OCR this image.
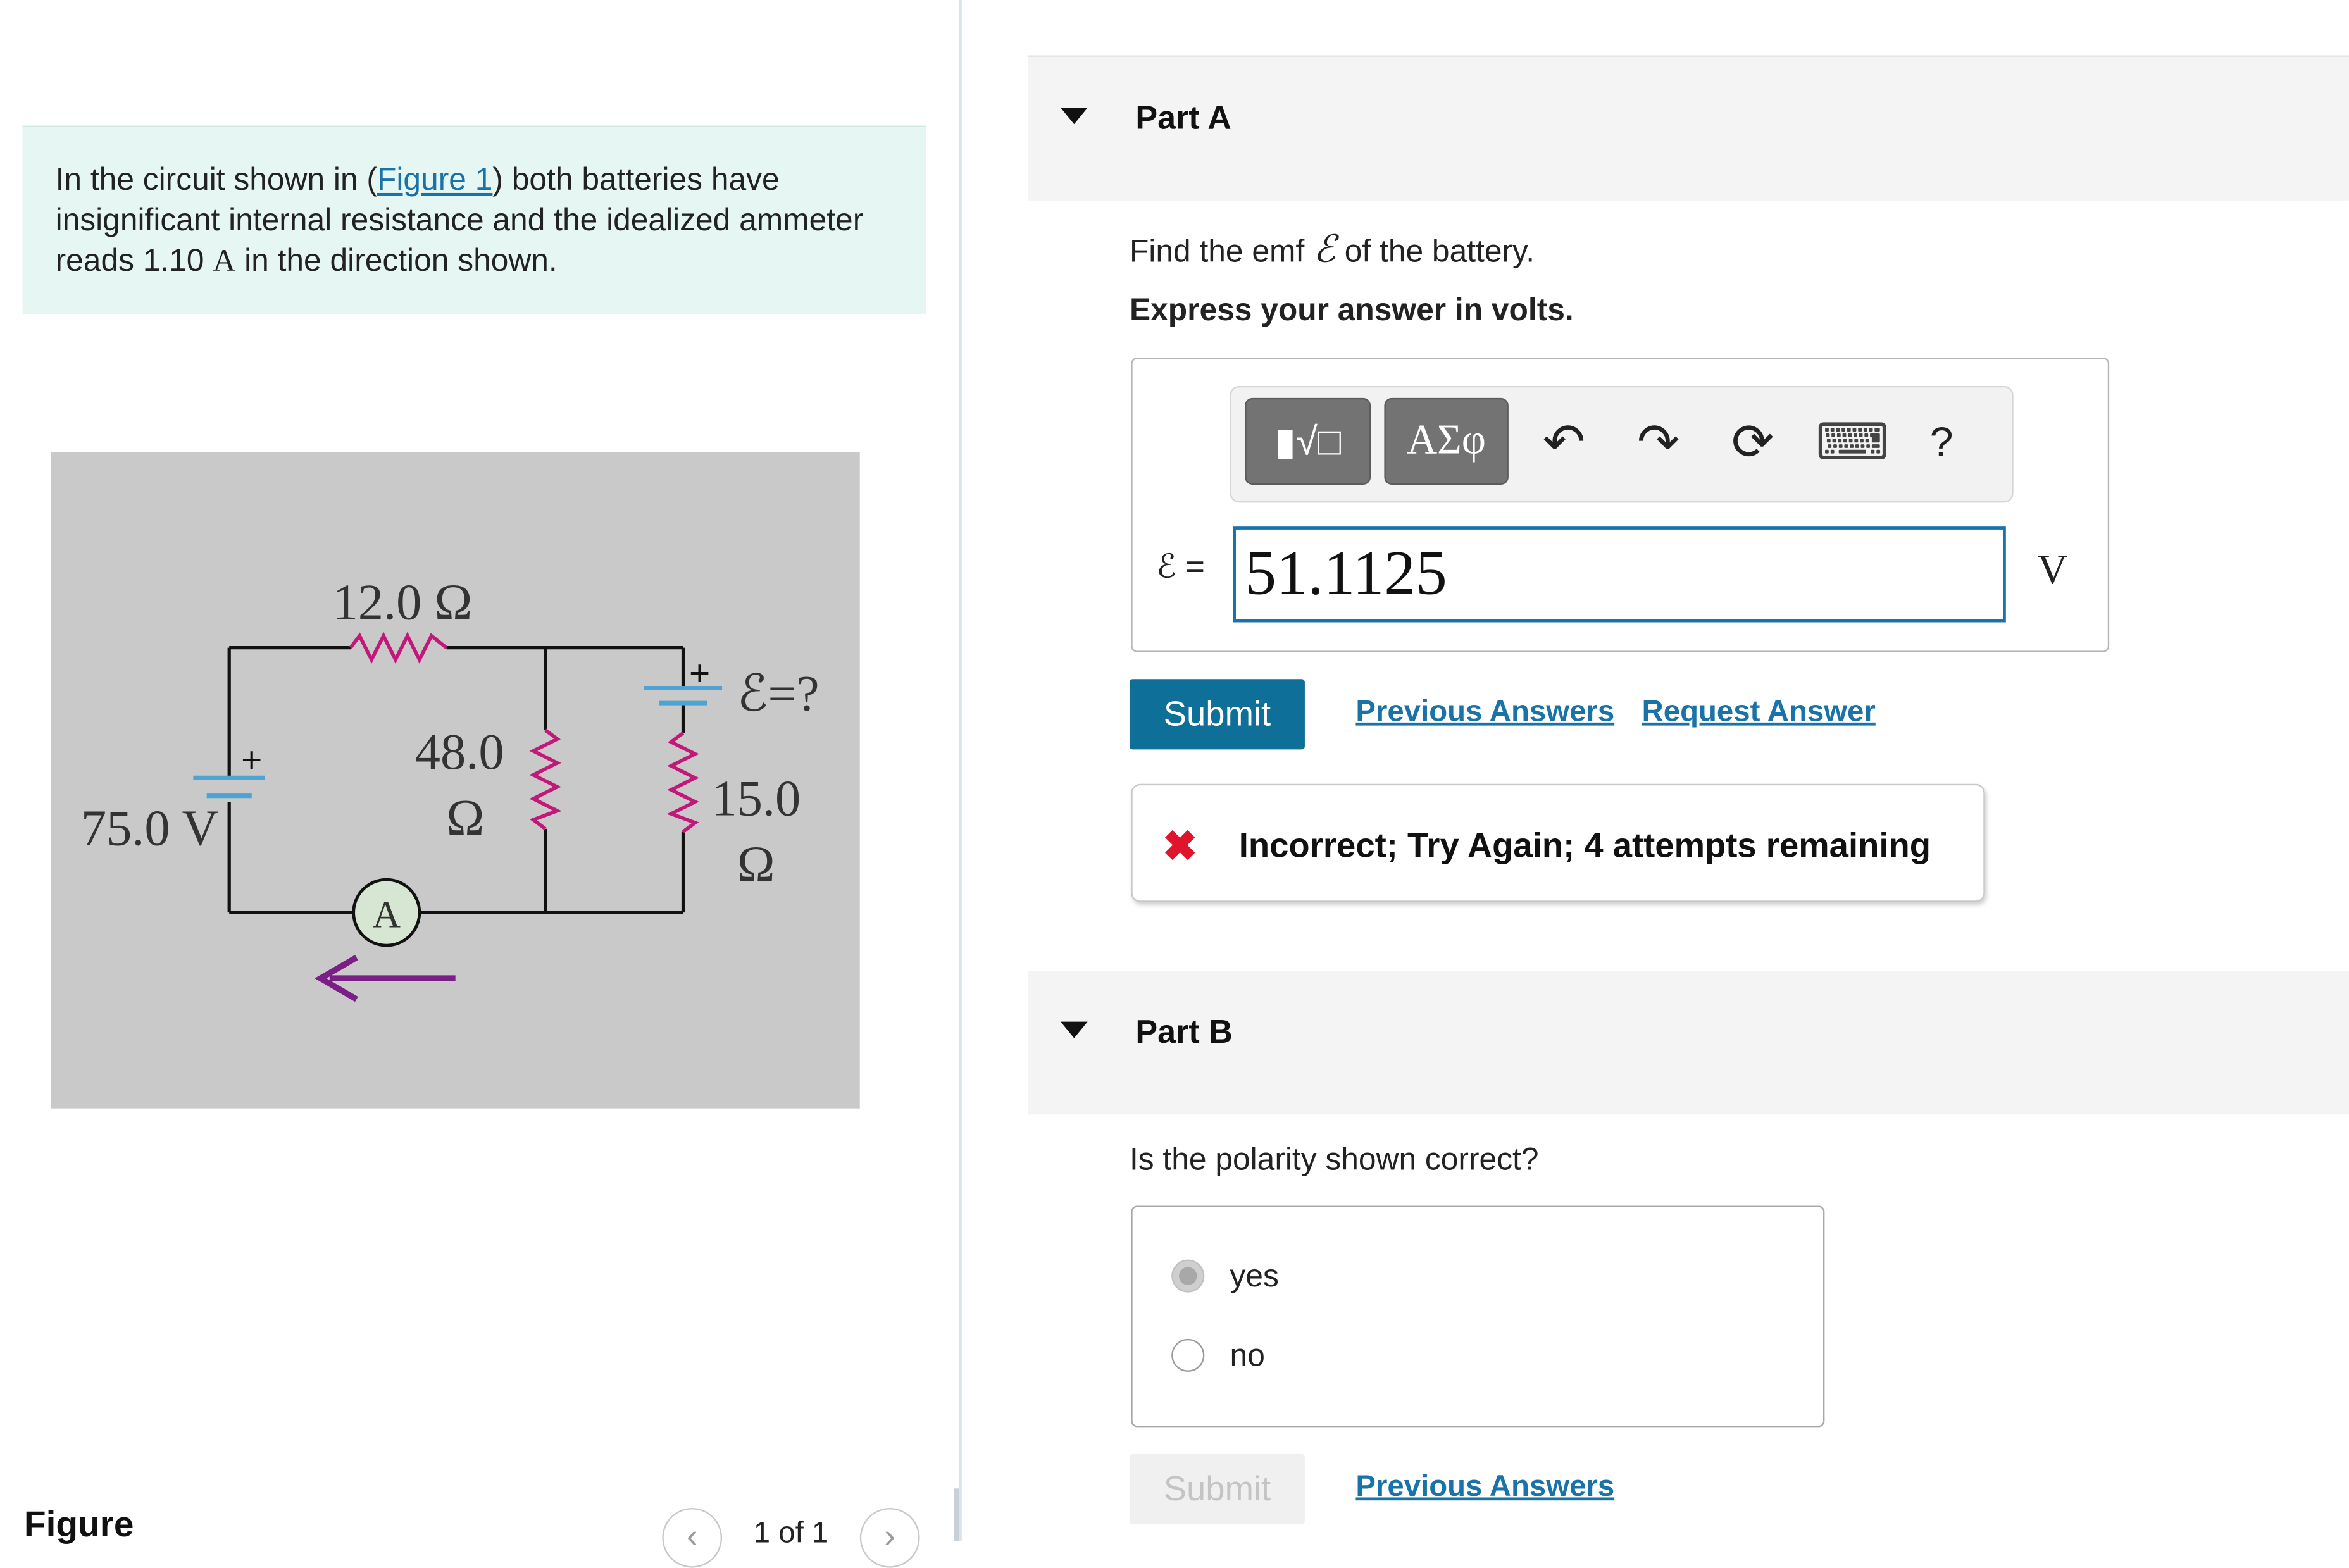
In the circuit shown in (Figure 1) both batteries have insignificant internal resistance and the idealized ammeter reads 1.10 A in the direction shown.
A
12.0 Ω
48.0
Ω	15.0
Ω
75.0 V
ℰ=?
+
+
Figure	‹	1 of 1	›
Part A
Find the emf ℰ of the battery.
Express your answer in volts.
▮√□	ΑΣφ	↶	↷	⟳	⌨	?
ℰ =	51.1125	V
Submit	Previous Answers Request Answer
✖	Incorrect; Try Again; 4 attempts remaining
Part B
Is the polarity shown correct?
yes
no
Submit	Previous Answers
